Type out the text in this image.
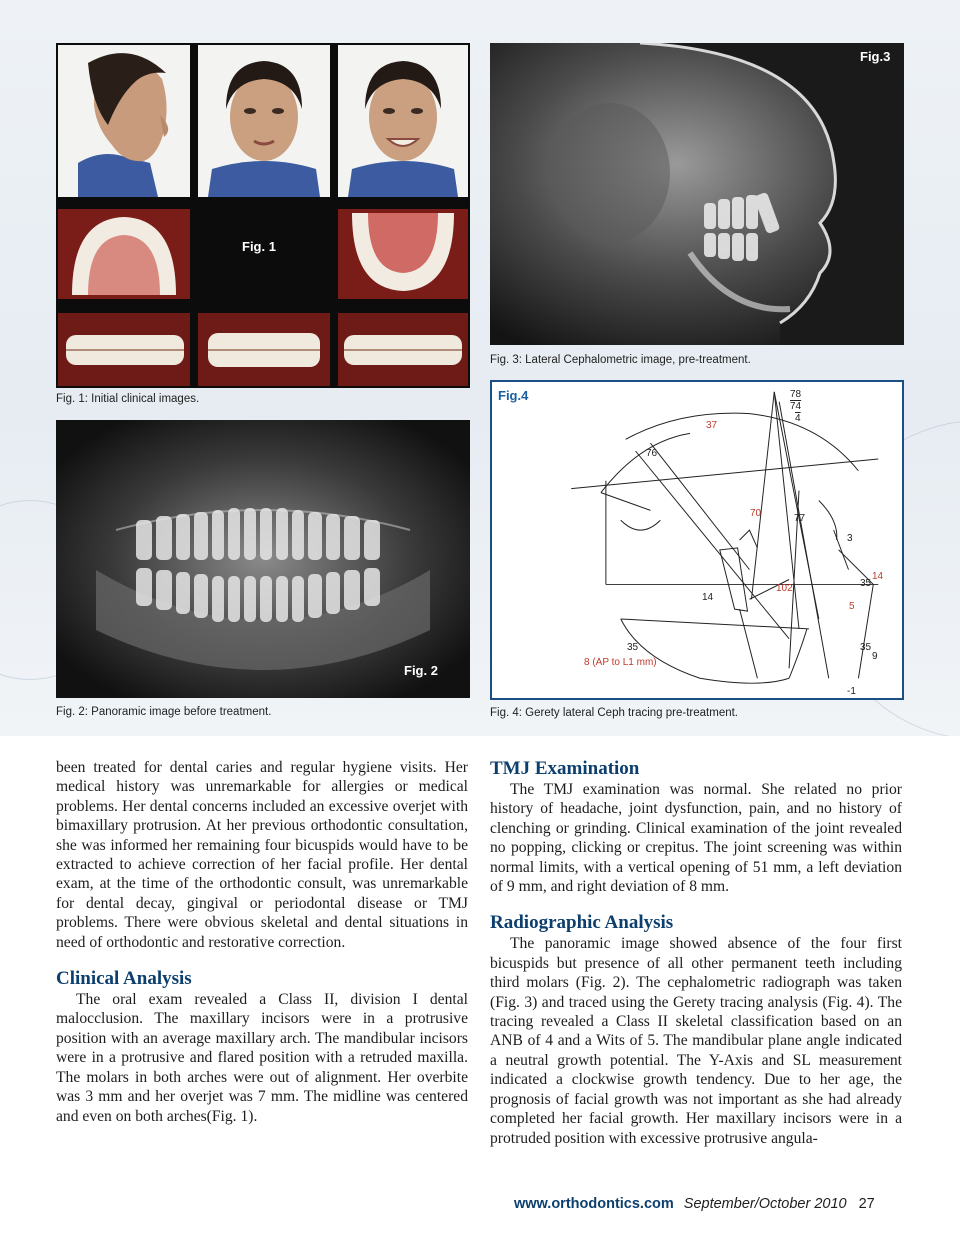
Fig. 1
Fig. 1: Initial clinical images.
Fig. 2
Fig. 2: Panoramic image before treatment.
Fig.3
Fig. 3: Lateral Cephalometric image, pre-treatment.
Fig.4	78
74
4
37
76
70	77
3
35
14
102
14
5
35
8 (AP to L1 mm)
35
9
-1
Fig. 4: Gerety lateral Ceph tracing pre-treatment.

been treated for dental caries and regular hygiene visits. Her medical history was unremarkable for allergies or medical problems. Her dental concerns included an excessive overjet with bimaxillary protrusion. At her previous orthodontic consultation, she was informed her remaining four bicuspids would have to be extracted to achieve correction of her facial profile. Her dental exam, at the time of the orthodontic consult, was unremarkable for dental decay, gingival or periodontal disease or TMJ problems. There were obvious skeletal and dental situations in need of orthodontic and restorative correction.

Clinical Analysis

The oral exam revealed a Class II, division I dental malocclusion. The maxillary incisors were in a protrusive position with an average maxillary arch. The mandibular incisors were in a protrusive and flared position with a retruded maxilla. The molars in both arches were out of alignment. Her overbite was 3 mm and her overjet was 7 mm. The midline was centered and even on both arches(Fig. 1).

TMJ Examination

The TMJ examination was normal. She related no prior history of headache, joint dysfunction, pain, and no history of clenching or grinding. Clinical examination of the joint revealed no popping, clicking or crepitus. The joint screening was within normal limits, with a vertical opening of 51 mm, a left deviation of 9 mm, and right deviation of 8 mm.

Radiographic Analysis

The panoramic image showed absence of the four first bicuspids but presence of all other permanent teeth including third molars (Fig. 2). The cephalometric radiograph was taken (Fig. 3) and traced using the Gerety tracing analysis (Fig. 4). The tracing revealed a Class II skeletal classification based on an ANB of 4 and a Wits of 5. The mandibular plane angle indicated a neutral growth potential. The Y-Axis and SL measurement indicated a clockwise growth tendency. Due to her age, the prognosis of facial growth was not important as she had already completed her facial growth. Her maxillary incisors were in a protruded position with excessive protrusive angula-

www.orthodontics.com September/October 2010 27
